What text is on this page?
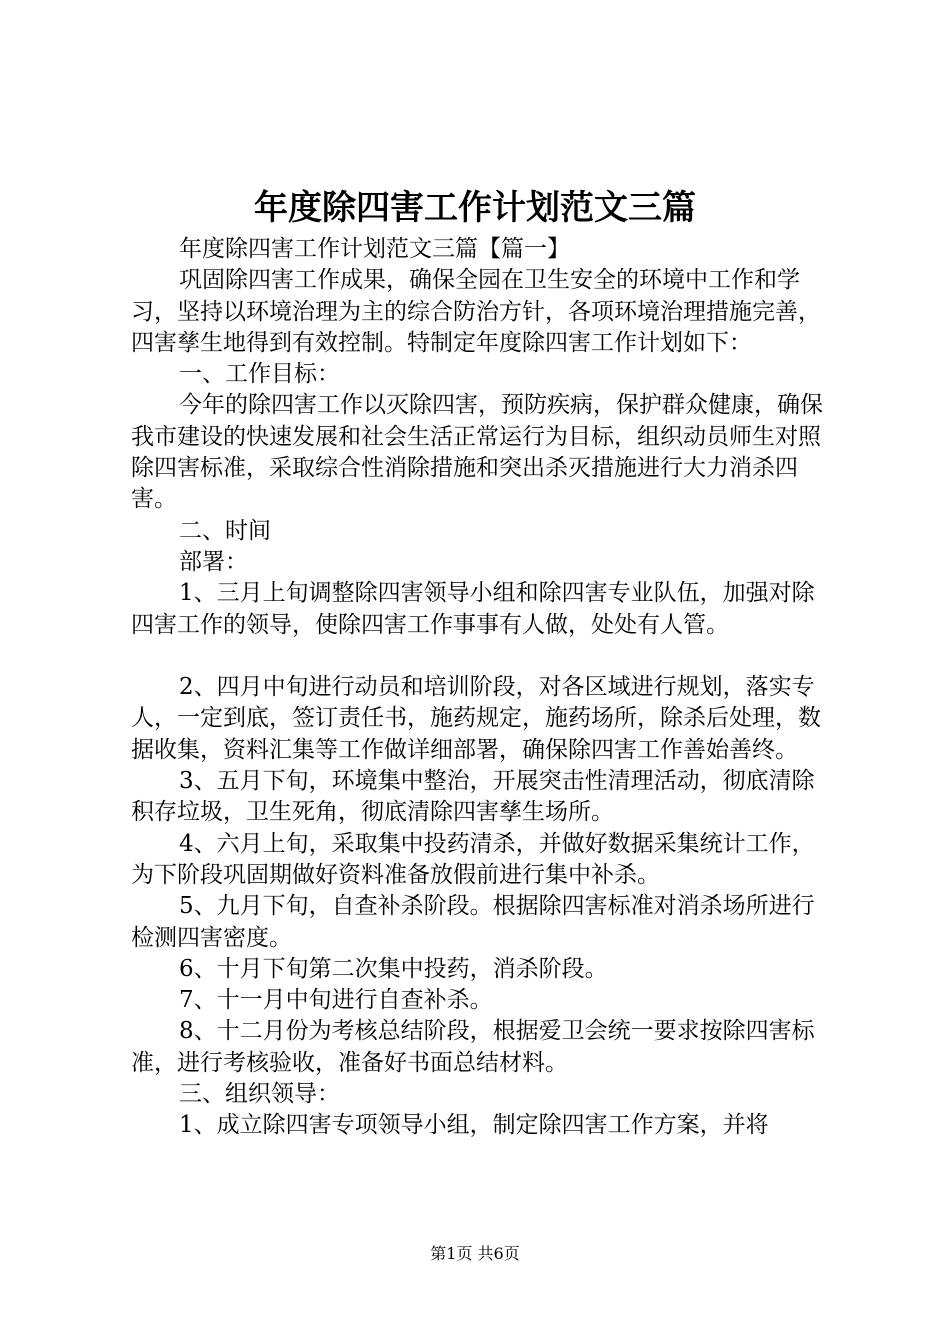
年度除四害工作计划范文三篇

年度除四害工作计划范文三篇【篇一】

巩固除四害工作成果，确保全园在卫生安全的环境中工作和学习，坚持以环境治理为主的综合防治方针，各项环境治理措施完善，四害孳生地得到有效控制。特制定年度除四害工作计划如下：

一、工作目标：

今年的除四害工作以灭除四害，预防疾病，保护群众健康，确保我市建设的快速发展和社会生活正常运行为目标，组织动员师生对照除四害标准，采取综合性消除措施和突出杀灭措施进行大力消杀四害。

二、时间

部署：

1、三月上旬调整除四害领导小组和除四害专业队伍，加强对除四害工作的领导，使除四害工作事事有人做，处处有人管。

2、四月中旬进行动员和培训阶段，对各区域进行规划，落实专人，一定到底，签订责任书，施药规定，施药场所，除杀后处理，数据收集，资料汇集等工作做详细部署，确保除四害工作善始善终。

3、五月下旬，环境集中整治，开展突击性清理活动，彻底清除积存垃圾，卫生死角，彻底清除四害孳生场所。

4、六月上旬，采取集中投药清杀，并做好数据采集统计工作，为下阶段巩固期做好资料准备放假前进行集中补杀。

5、九月下旬，自查补杀阶段。根据除四害标准对消杀场所进行检测四害密度。

6、十月下旬第二次集中投药，消杀阶段。

7、十一月中旬进行自查补杀。

8、十二月份为考核总结阶段，根据爱卫会统一要求按除四害标准，进行考核验收，准备好书面总结材料。

三、组织领导：

1、成立除四害专项领导小组，制定除四害工作方案，并将

第1页 共6页
